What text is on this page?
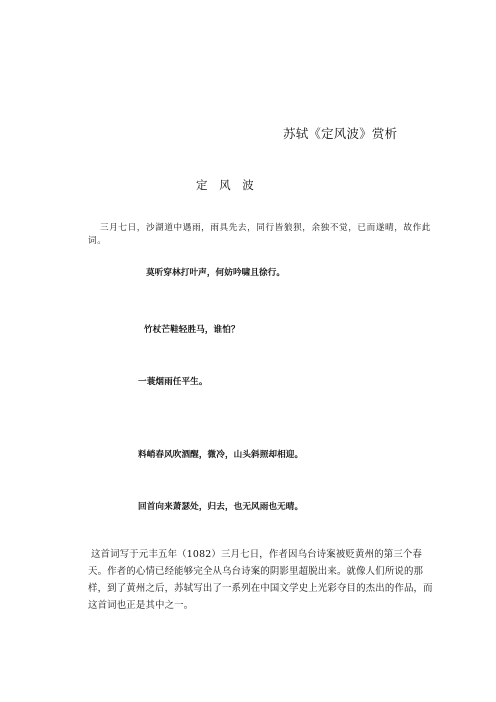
苏轼《定风波》赏析
定 风 波
三月七日，沙湖道中遇雨，雨具先去，同行皆狼狈，余独不觉，已而遂晴，故作此词。
莫听穿林打叶声，何妨吟啸且徐行。
竹杖芒鞋轻胜马，谁怕？
一蓑烟雨任平生。
料峭春风吹酒醒，微冷，山头斜照却相迎。
回首向来萧瑟处，归去，也无风雨也无晴。
这首词写于元丰五年（1082）三月七日，作者因乌台诗案被贬黄州的第三个春天。作者的心情已经能够完全从乌台诗案的阴影里超脱出来。就像人们所说的那样，到了黄州之后，苏轼写出了一系列在中国文学史上光彩夺目的杰出的作品，而这首词也正是其中之一。
